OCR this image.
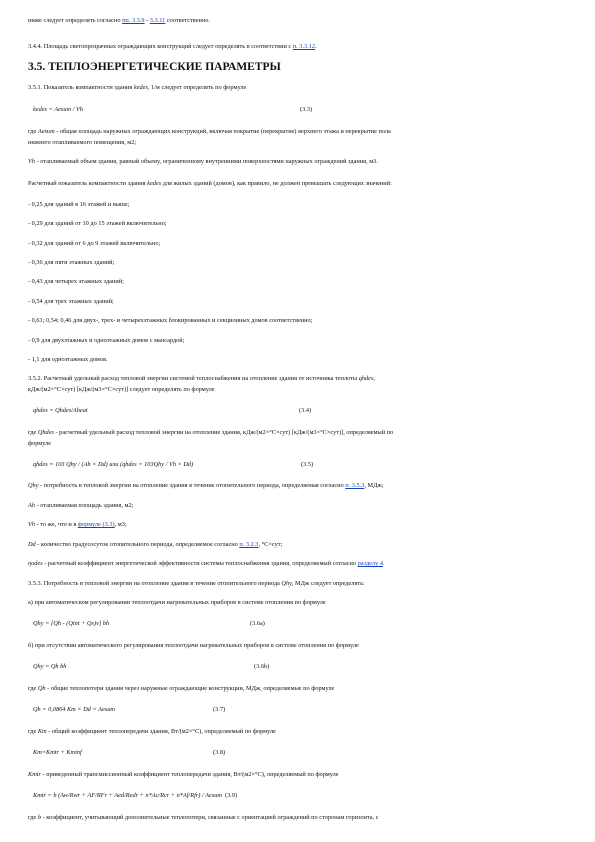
ниже следует определять согласно пп. 3.3.9 - 3.3.11 соответственно.
3.4.4. Площадь светопрозрачных ограждающих конструкций следует определять в соответствии с п. 3.3.12.
3.5. ТЕПЛОЭНЕРГЕТИЧЕСКИЕ ПАРАМЕТРЫ
3.5.1. Показатель компактности здания kedes, 1/м следует определять по формуле
kedes = Aesum / Vh	(3.3)
где Aesum - общая площадь наружных ограждающих конструкций, включая покрытие (перекрытие) верхнего этажа и перекрытие пола
нижнего отапливаемого помещения, м2;
Vh - отапливаемый объем здания, равный объему, ограниченному внутренними поверхностями наружных ограждений здания, м3.
Расчетный показатель компактности здания kedes для жилых зданий (домов), как правило, не должен превышать следующих значений:
- 0,25 для зданий в 16 этажей и выше;
- 0,29 для зданий от 10 до 15 этажей включительно;
- 0,32 для зданий от 6 до 9 этажей включительно;
- 0,36 для пяти этажных зданий;
- 0,43 для четырех этажных зданий;
- 0,54 для трех этажных зданий;
- 0,61; 0,54; 0,46 для двух-, трех- и четырехэтажных блокированных и секционных домов соответственно;
- 0,9 для двухэтажных и одноэтажных домов с мансардой;
- 1,1 для одноэтажных домов.
3.5.2. Расчетный удельный расход тепловой энергии системой теплоснабжения на отопление здания от источника теплоты qhdes,
кДж/(м2×°С×сут) [кДж/(м3×°С×сут)] следует определять по формуле
qhdes = Qhdes/Aheat	(3.4)
где Qhdes - расчетный удельный расход тепловой энергии на отопление здания, кДж/(м2×°С×сут) [кДж/(м3×°С×сут)], определяемый по
формуле
qhdes = 103 Qhy / (Ah × Dd) или (qhdes = 103Qhy / Vh × Dd)	(3.5)
Qhy - потребность в тепловой энергии на отопление здания в течение отопительного периода, определяемая согласно п. 3.5.3, МДж;
Ah - отапливаемая площадь здания, м2;
Vh - то же, что и в формуле (3.3), м3;
Dd - количество градусосуток отопительного периода, определяемое согласно п. 3.2.3, °С×сут;
ηodes - расчетный коэффициент энергетической эффективности системы теплоснабжения здания, определяемый согласно разделу 4.
3.5.3. Потребность в тепловой энергии на отопление здания в течение отопительного периода Qhy, МДж следует определять:
а) при автоматическом регулировании теплоотдачи нагревательных приборов в системе отопления по формуле
Qhy = [Qh - (Qint + Qs)ν] bh	(3.6а)
б) при отсутствии автоматического регулирования теплоотдачи нагревательных приборов в системе отопления по формуле
Qhy = Qh bh	(3.6b)
где Qh - общие теплопотери здания через наружные ограждающие конструкции, МДж, определяемые по формуле
Qh = 0,0864 Km × Dd × Aesum	(3.7)
где Km - общий коэффициент теплопередачи здания, Вт/(м2×°С), определяемый по формуле
Km=Kmtr + Kminf	(3.8)
Kmtr - приведенный трансмиссионный коэффициент теплопередачи здания, Вт/(м2×°С), определяемый по формуле
Kmtr = b (Aw/Rwr + AF/RFr + Aed/Redr + n*Ac/Rcr + n*Af/Rfr) / Aesum (3.9)
где b - коэффициент, учитывающий дополнительные теплопотери, связанные с ориентацией ограждений по сторонам горизонта, с
